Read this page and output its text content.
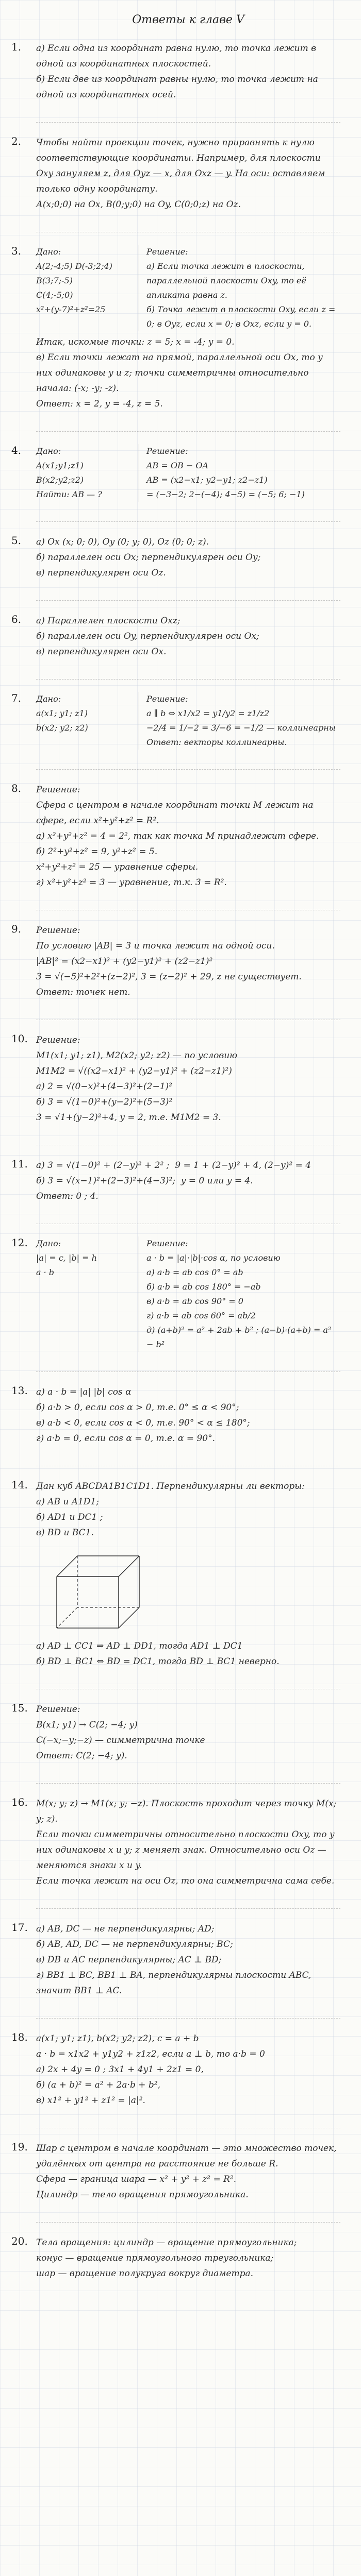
Ответы к главе V
1. а) Если одна из координат равна нулю, то точка лежит в одной из координатных плоскостей.
б) Если две из координат равны нулю, то точка лежит на одной из координатных осей.
2. Чтобы найти проекции точек, нужно приравнять к нулю соответствующие координаты. Например, для плоскости Oxy зануляем z, для Oyz — x, для Oxz — y. На оси: оставляем только одну координату.
А(х;0;0) на Ox, В(0;у;0) на Oy, C(0;0;z) на Oz.
3. Дано:
A(2;-4;5) D(-3;2;4)
B(3;7;-5)
C(4;-5;0)
x²+(y-7)²+z²=25
Решение:
а) Если точка лежит в плоскости, параллельной плоскости Oxy, то её апликата равна z.
б) Точка лежит в плоскости Oxy, если z = 0; в Oyz, если x = 0; в Oxz, если y = 0.
Итак, искомые точки: z = 5; x = -4; y = 0.
в) Если точки лежат на прямой, параллельной оси Ox, то у них одинаковы y и z; точки симметричны относительно начала: (-x; -y; -z).
Ответ: x = 2, y = -4, z = 5.
4. Дано:
A(x1;y1;z1)
B(x2;y2;z2)
Найти: AB — ?
Решение:
AB = OB − OA
AB = (x2−x1; y2−y1; z2−z1)
= (−3−2; 2−(−4); 4−5) = (−5; 6; −1)
5. a) Ox (x; 0; 0), Oy (0; y; 0), Oz (0; 0; z).
б) параллелен оси Ox; перпендикулярен оси Oy;
в) перпендикулярен оси Oz.
6. а) Параллелен плоскости Oxz;
б) параллелен оси Oy, перпендикулярен оси Ox;
в) перпендикулярен оси Ox.
7. Дано:
a(x1; y1; z1)
b(x2; y2; z2)
Решение:
a ∥ b ⇔ x1/x2 = y1/y2 = z1/z2
−2/4 = 1/−2 = 3/−6 = −1/2 — коллинеарны
Ответ: векторы коллинеарны.
8. Решение:
Сфера с центром в начале координат точки M лежит на сфере, если x²+y²+z² = R².
а) x²+y²+z² = 4 = 2², так как точка M принадлежит сфере.
б) 2²+y²+z² = 9, y²+z² = 5.
x²+y²+z² = 25 — уравнение сферы.
г) x²+y²+z² = 3 — уравнение, т.к. 3 = R².
9. Решение:
По условию |AB| = 3 и точка лежит на одной оси.
|AB|² = (x2−x1)² + (y2−y1)² + (z2−z1)²
3 = √(−5)²+2²+(z−2)², 3 = (z−2)² + 29, z не существует.
Ответ: точек нет.
10. Решение:
M1(x1; y1; z1), M2(x2; y2; z2) — по условию
M1M2 = √((x2−x1)² + (y2−y1)² + (z2−z1)²)
а) 2 = √(0−x)²+(4−3)²+(2−1)²
б) 3 = √(1−0)²+(y−2)²+(5−3)²
3 = √1+(y−2)²+4, y = 2, т.е. M1M2 = 3.
11. а) 3 = √(1−0)² + (2−y)² + 2² ;  9 = 1 + (2−y)² + 4, (2−y)² = 4
б) 3 = √(x−1)²+(2−3)²+(4−3)²;  y = 0 или y = 4.
Ответ: 0 ; 4.
12. Дано:
|a| = c, |b| = h
a · b
Решение:
a · b = |a|·|b|·cos α, по условию
а) a·b = ab cos 0° = ab
б) a·b = ab cos 180° = −ab
в) a·b = ab cos 90° = 0
г) a·b = ab cos 60° = ab/2
д) (a+b)² = a² + 2ab + b² ; (a−b)·(a+b) = a² − b²
13. а) a · b = |a| |b| cos α
б) a·b > 0, если cos α > 0, т.е. 0° ≤ α < 90°;
в) a·b < 0, если cos α < 0, т.е. 90° < α ≤ 180°;
г) a·b = 0, если cos α = 0, т.е. α = 90°.
14. Дан куб ABCDA1B1C1D1. Перпендикулярны ли векторы:
а) AB и A1D1;
б) AD1 и DC1 ;
в) BD и BC1.
а) AD ⊥ CC1 ⇒ AD ⊥ DD1, тогда AD1 ⊥ DC1
б) BD ⊥ BC1 ⇔ BD = DC1, тогда BD ⊥ BC1 неверно.
15. Решение:
B(x1; y1) → C(2; −4; y)
C(−x;−y;−z) — симметрична точке
Ответ: C(2; −4; y).
16. M(x; y; z) → M1(x; y; −z). Плоскость проходит через точку M(x; y; z).
Если точки симметричны относительно плоскости Oxy, то у них одинаковы x и y; z меняет знак. Относительно оси Oz — меняются знаки x и y.
Если точка лежит на оси Oz, то она симметрична сама себе.
17. а) AB, DC — не перпендикулярны; AD;
б) AB, AD, DC — не перпендикулярны; BC;
в) DB и AC перпендикулярны; AC ⊥ BD;
г) BB1 ⊥ BC, BB1 ⊥ BA, перпендикулярны плоскости ABC, значит BB1 ⊥ AC.
18. a(x1; y1; z1), b(x2; y2; z2), c = a + b
a · b = x1x2 + y1y2 + z1z2, если a ⊥ b, то a·b = 0
а) 2x + 4y = 0 ; 3x1 + 4y1 + 2z1 = 0,
б) (a + b)² = a² + 2a·b + b²,
в) x1² + y1² + z1² = |a|².
19. Шар с центром в начале координат — это множество точек, удалённых от центра на расстояние не больше R.
Сфера — граница шара — x² + y² + z² = R².
Цилиндр — тело вращения прямоугольника.
20. Тела вращения: цилиндр — вращение прямоугольника;
конус — вращение прямоугольного треугольника;
шар — вращение полукруга вокруг диаметра.
